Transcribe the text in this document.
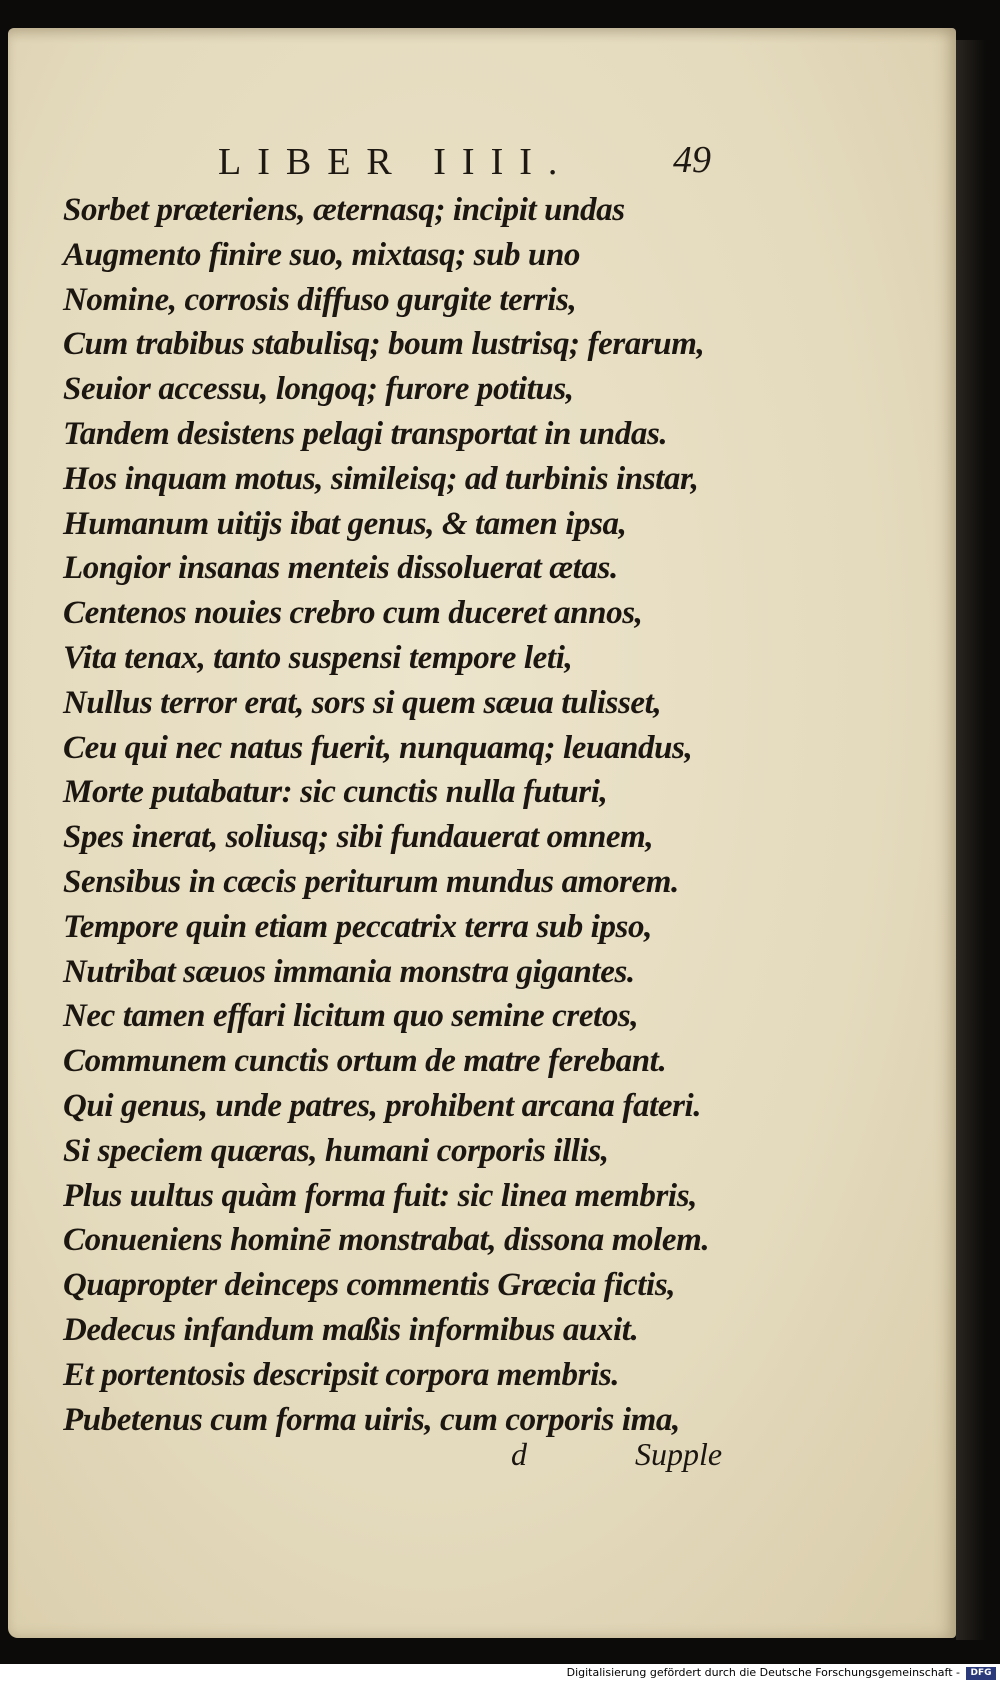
LIBER IIII.	49
Sorbet præteriens, æternasq; incipit undas
Augmento finire suo, mixtasq; sub uno
Nomine, corrosis diffuso gurgite terris,
Cum trabibus stabulisq; boum lustrisq; ferarum,
Seuior accessu, longoq; furore potitus,
Tandem desistens pelagi transportat in undas.
Hos inquam motus, simileisq; ad turbinis instar,
Humanum uitijs ibat genus, & tamen ipsa,
Longior insanas menteis dissoluerat ætas.
Centenos nouies crebro cum duceret annos,
Vita tenax, tanto suspensi tempore leti,
Nullus terror erat, sors si quem sæua tulisset,
Ceu qui nec natus fuerit, nunquamq; leuandus,
Morte putabatur: sic cunctis nulla futuri,
Spes inerat, soliusq; sibi fundauerat omnem,
Sensibus in cæcis periturum mundus amorem.
Tempore quin etiam peccatrix terra sub ipso,
Nutribat sæuos immania monstra gigantes.
Nec tamen effari licitum quo semine cretos,
Communem cunctis ortum de matre ferebant.
Qui genus, unde patres, prohibent arcana fateri.
Si speciem quæras, humani corporis illis,
Plus uultus quàm forma fuit: sic linea membris,
Conueniens hominē monstrabat, dissona molem.
Quapropter deinceps commentis Græcia fictis,
Dedecus infandum maßis informibus auxit.
Et portentosis descripsit corpora membris.
Pubetenus cum forma uiris, cum corporis ima,
d	Supple
Digitalisierung gefördert durch die Deutsche Forschungsgemeinschaft -	DFG
